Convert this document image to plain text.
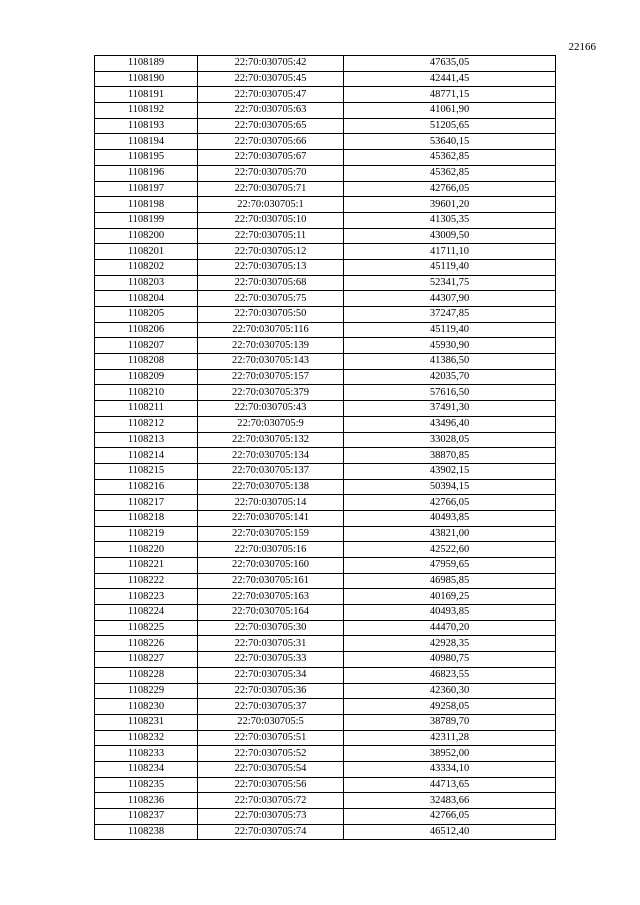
22166
1108189	22:70:030705:42	47635,05
1108190	22:70:030705:45	42441,45
1108191	22:70:030705:47	48771,15
1108192	22:70:030705:63	41061,90
1108193	22:70:030705:65	51205,65
1108194	22:70:030705:66	53640,15
1108195	22:70:030705:67	45362,85
1108196	22:70:030705:70	45362,85
1108197	22:70:030705:71	42766,05
1108198	22:70:030705:1	39601,20
1108199	22:70:030705:10	41305,35
1108200	22:70:030705:11	43009,50
1108201	22:70:030705:12	41711,10
1108202	22:70:030705:13	45119,40
1108203	22:70:030705:68	52341,75
1108204	22:70:030705:75	44307,90
1108205	22:70:030705:50	37247,85
1108206	22:70:030705:116	45119,40
1108207	22:70:030705:139	45930,90
1108208	22:70:030705:143	41386,50
1108209	22:70:030705:157	42035,70
1108210	22:70:030705:379	57616,50
1108211	22:70:030705:43	37491,30
1108212	22:70:030705:9	43496,40
1108213	22:70:030705:132	33028,05
1108214	22:70:030705:134	38870,85
1108215	22:70:030705:137	43902,15
1108216	22:70:030705:138	50394,15
1108217	22:70:030705:14	42766,05
1108218	22:70:030705:141	40493,85
1108219	22:70:030705:159	43821,00
1108220	22:70:030705:16	42522,60
1108221	22:70:030705:160	47959,65
1108222	22:70:030705:161	46985,85
1108223	22:70:030705:163	40169,25
1108224	22:70:030705:164	40493,85
1108225	22:70:030705:30	44470,20
1108226	22:70:030705:31	42928,35
1108227	22:70:030705:33	40980,75
1108228	22:70:030705:34	46823,55
1108229	22:70:030705:36	42360,30
1108230	22:70:030705:37	49258,05
1108231	22:70:030705:5	38789,70
1108232	22:70:030705:51	42311,28
1108233	22:70:030705:52	38952,00
1108234	22:70:030705:54	43334,10
1108235	22:70:030705:56	44713,65
1108236	22:70:030705:72	32483,66
1108237	22:70:030705:73	42766,05
1108238	22:70:030705:74	46512,40
